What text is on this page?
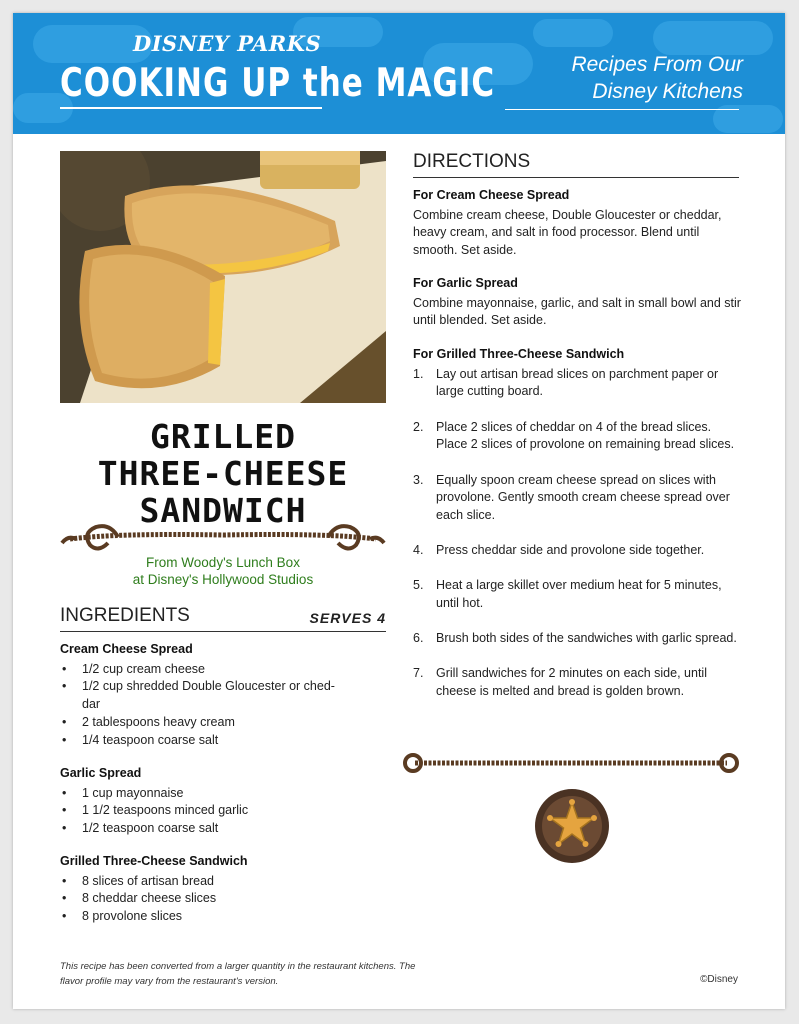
DISNEY PARKS
COOKING UP the MAGIC	Recipes From Our
Disney Kitchens
GRILLED
THREE-CHEESE
SANDWICH
From Woody's Lunch Box
at Disney's Hollywood Studios
INGREDIENTS	SERVES 4
Cream Cheese Spread
• 1/2 cup cream cheese
• 1/2 cup shredded Double Gloucester or ched-
dar
• 2 tablespoons heavy cream
• 1/4 teaspoon coarse salt
Garlic Spread
• 1 cup mayonnaise
• 1 1/2 teaspoons minced garlic
• 1/2 teaspoon coarse salt
Grilled Three-Cheese Sandwich
• 8 slices of artisan bread
• 8 cheddar cheese slices
• 8 provolone slices
DIRECTIONS
For Cream Cheese Spread

Combine cream cheese, Double Gloucester or cheddar, heavy cream, and salt in food processor. Blend until smooth. Set aside.

For Garlic Spread

Combine mayonnaise, garlic, and salt in small bowl and stir until blended. Set aside.

For Grilled Three-Cheese Sandwich
1. Lay out artisan bread slices on parchment paper or large cutting board.
2. Place 2 slices of cheddar on 4 of the bread slices. Place 2 slices of provolone on remaining bread slices.
3. Equally spoon cream cheese spread on slices with provolone. Gently smooth cream cheese spread over each slice.
4. Press cheddar side and provolone side together.
5. Heat a large skillet over medium heat for 5 minutes, until hot.
6. Brush both sides of the sandwiches with garlic spread.
7. Grill sandwiches for 2 minutes on each side, until cheese is melted and bread is golden brown.
This recipe has been converted from a larger quantity in the restaurant kitchens. The flavor profile may vary from the restaurant's version.	©Disney
